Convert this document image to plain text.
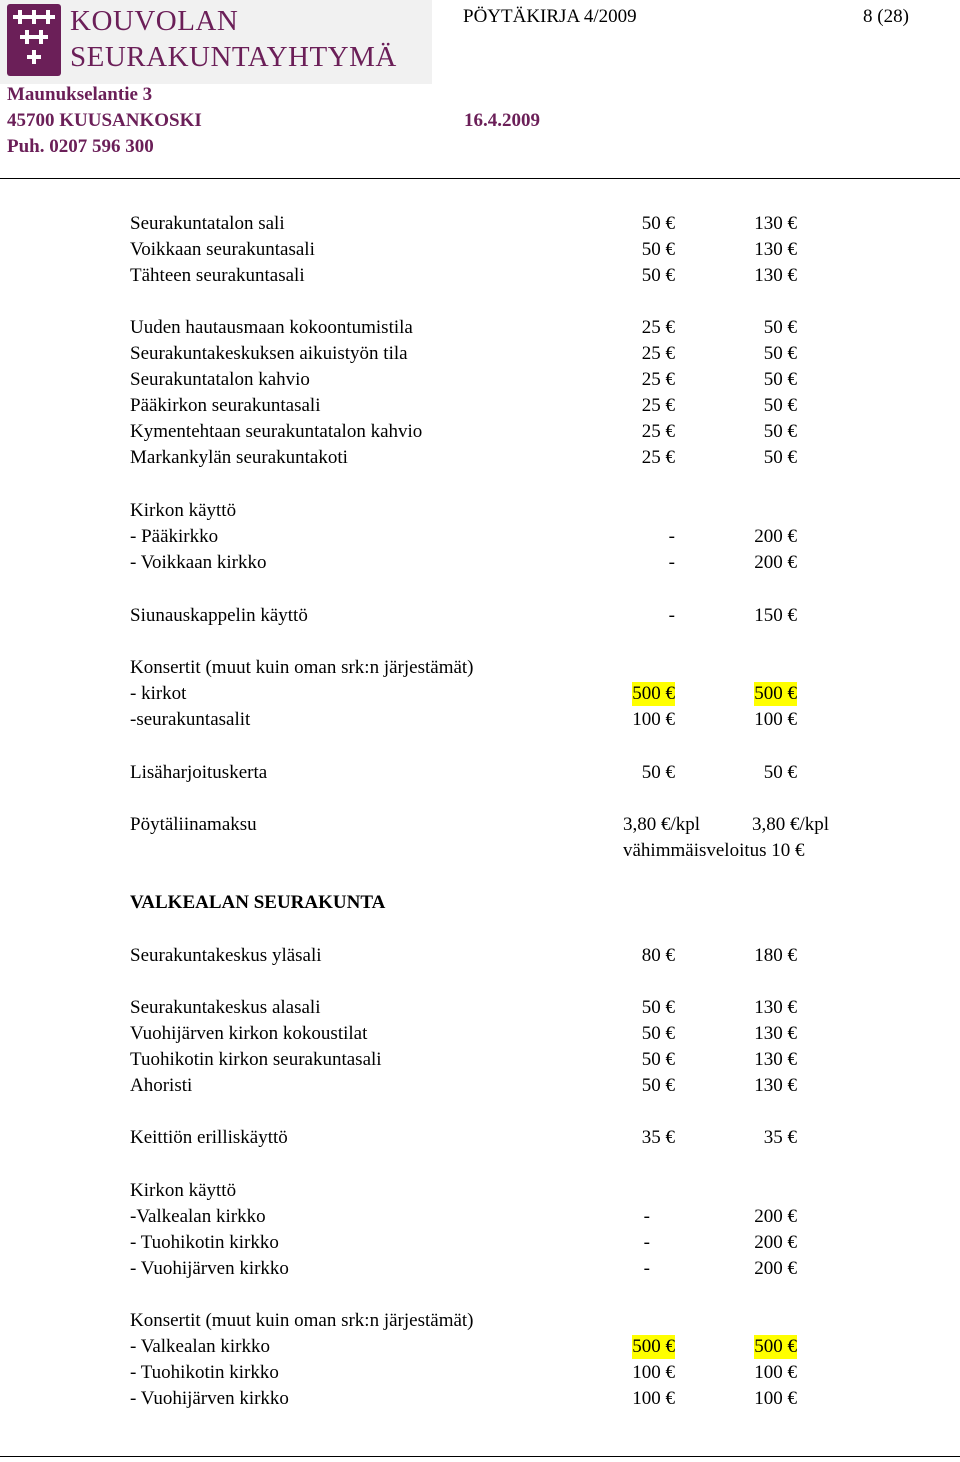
KOUVOLAN
SEURAKUNTAYHTYMÄ
PÖYTÄKIRJA 4/2009	8 (28)
Maunukselantie 3
45700 KUUSANKOSKI	16.4.2009
Puh. 0207 596 300
Seurakuntatalon sali	50 €	130 €
Voikkaan seurakuntasali	50 €	130 €
Tähteen seurakuntasali	50 €	130 €
Uuden hautausmaan kokoontumistila	25 €	50 €
Seurakuntakeskuksen aikuistyön tila	25 €	50 €
Seurakuntatalon kahvio	25 €	50 €
Pääkirkon seurakuntasali	25 €	50 €
Kymentehtaan seurakuntatalon kahvio	25 €	50 €
Markankylän seurakuntakoti	25 €	50 €
Kirkon käyttö
- Pääkirkko	-	200 €
- Voikkaan kirkko	-	200 €
Siunauskappelin käyttö	-	150 €
Konsertit (muut kuin oman srk:n järjestämät)
- kirkot	500 €	500 €
-seurakuntasalit	100 €	100 €
Lisäharjoituskerta	50 €	50 €
Pöytäliinamaksu	3,80 €/kpl	3,80 €/kpl
vähimmäisveloitus 10 €
VALKEALAN SEURAKUNTA
Seurakuntakeskus yläsali	80 €	180 €
Seurakuntakeskus alasali	50 €	130 €
Vuohijärven kirkon kokoustilat	50 €	130 €
Tuohikotin kirkon seurakuntasali	50 €	130 €
Ahoristi	50 €	130 €
Keittiön erilliskäyttö	35 €	35 €
Kirkon käyttö
-Valkealan kirkko	-	200 €
- Tuohikotin kirkko	-	200 €
- Vuohijärven kirkko	-	200 €
Konsertit (muut kuin oman srk:n järjestämät)
- Valkealan kirkko	500 €	500 €
- Tuohikotin kirkko	100 €	100 €
- Vuohijärven kirkko	100 €	100 €
